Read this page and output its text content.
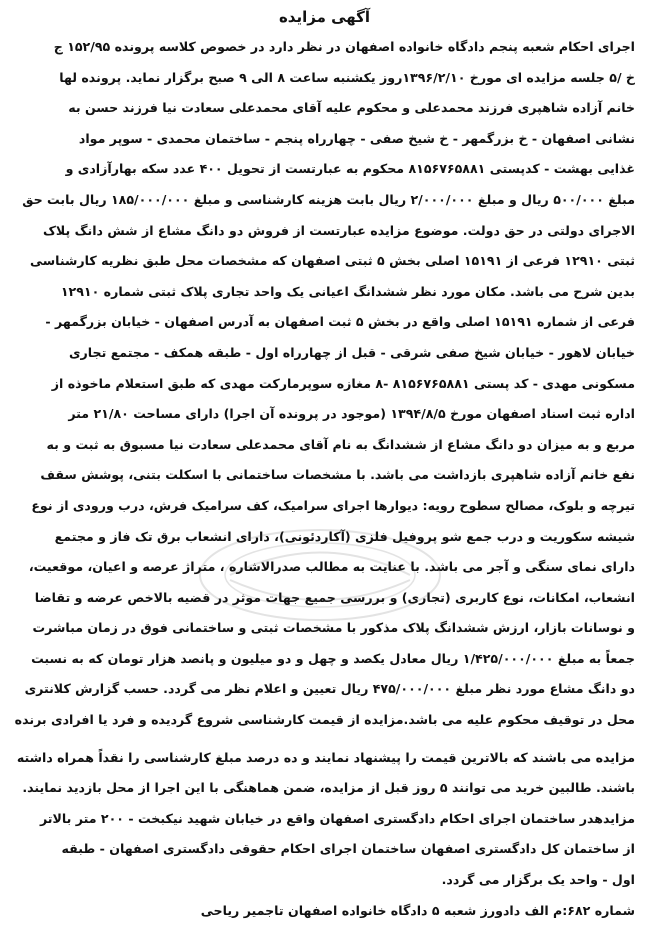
آگهی مزایده
اجرای احکام شعبه پنجم دادگاه خانواده اصفهان در نظر دارد در خصوص کلاسه پرونده ۱۵۲/۹۵ ج
خ /۵ جلسه مزایده ای مورخ ۱۳۹۶/۲/۱۰روز یکشنبه ساعت ۸ الی ۹ صبح برگزار نماید. پرونده لها
خانم آزاده شاهپری فرزند محمدعلی و محکوم علیه آقای محمدعلی سعادت نیا فرزند حسن به
نشانی اصفهان - خ بزرگمهر - خ شیخ صفی - چهارراه پنجم - ساختمان محمدی - سوپر مواد
غذایی بهشت - کدپستی ۸۱۵۶۷۶۵۸۸۱ محکوم به عبارتست از تحویل ۴۰۰ عدد سکه بهارآزادی و
مبلغ ۵۰۰/۰۰۰ ریال و مبلغ ۲/۰۰۰/۰۰۰ ریال بابت هزینه کارشناسی و مبلغ ۱۸۵/۰۰۰/۰۰۰ ریال بابت حق
الاجرای دولتی در حق دولت. موضوع مزایده عبارتست از فروش دو دانگ مشاع از شش دانگ پلاک
ثبتی ۱۲۹۱۰ فرعی از ۱۵۱۹۱ اصلی بخش ۵ ثبتی اصفهان که مشخصات محل طبق نظریه کارشناسی
بدین شرح می باشد. مکان مورد نظر ششدانگ اعیانی یک واحد تجاری پلاک ثبتی شماره ۱۲۹۱۰
فرعی از شماره ۱۵۱۹۱ اصلی واقع در بخش ۵ ثبت اصفهان به آدرس اصفهان - خیابان بزرگمهر -
خیابان لاهور - خیابان شیخ صفی شرقی - قبل از چهارراه اول - طبقه همکف - مجتمع تجاری
مسکونی مهدی - کد پستی ۸۱۵۶۷۶۵۸۸۱ -۸ مغازه سوپرمارکت مهدی که طبق استعلام ماخوذه از
اداره ثبت اسناد اصفهان مورخ ۱۳۹۴/۸/۵ (موجود در پرونده آن اجرا) دارای مساحت ۲۱/۸۰ متر
مربع و به میزان دو دانگ مشاع از ششدانگ به نام آقای محمدعلی سعادت نیا مسبوق به ثبت و به
نفع خانم آزاده شاهپری بازداشت می باشد. با مشخصات ساختمانی با اسکلت بتنی، پوشش سقف
تیرچه و بلوک، مصالح سطوح رویه: دیوارها اجرای سرامیک، کف سرامیک فرش، درب ورودی از نوع
شیشه سکوریت و درب جمع شو پروفیل فلزی (آکاردئونی)، دارای انشعاب برق تک فاز و مجتمع
دارای نمای سنگی و آجر می باشد. با عنایت به مطالب صدرالاشاره ، متراژ عرصه و اعیان، موقعیت،
انشعاب، امکانات، نوع کاربری (تجاری) و بررسی جمیع جهات موثر در قضیه بالاخص عرضه و تقاضا
و نوسانات بازار، ارزش ششدانگ پلاک مذکور با مشخصات ثبتی و ساختمانی فوق در زمان مباشرت
جمعاً به مبلغ ۱/۴۲۵/۰۰۰/۰۰۰ ریال معادل یکصد و چهل و دو میلیون و پانصد هزار تومان که به نسبت
دو دانگ مشاع مورد نظر مبلغ ۴۷۵/۰۰۰/۰۰۰ ریال تعیین و اعلام نظر می گردد. حسب گزارش کلانتری
محل در توقیف محکوم علیه می باشد.مزایده از قیمت کارشناسی شروع گردیده و فرد یا افرادی برنده
مزایده می باشند که بالاترین قیمت را پیشنهاد نمایند و ده درصد مبلغ کارشناسی را نقداً همراه داشته
باشند. طالبین خرید می توانند ۵ روز قبل از مزایده، ضمن هماهنگی با این اجرا از محل بازدید نمایند.
مزایدهدر ساختمان اجرای احکام دادگستری اصفهان واقع در خیابان شهید نیکبخت - ۲۰۰ متر بالاتر
از ساختمان کل دادگستری اصفهان ساختمان اجرای احکام حقوقی دادگستری اصفهان - طبقه
اول - واحد یک برگزار می گردد.
شماره ۶۸۲:م الف دادورز شعبه ۵ دادگاه خانواده اصفهان تاجمیر ریاحی
